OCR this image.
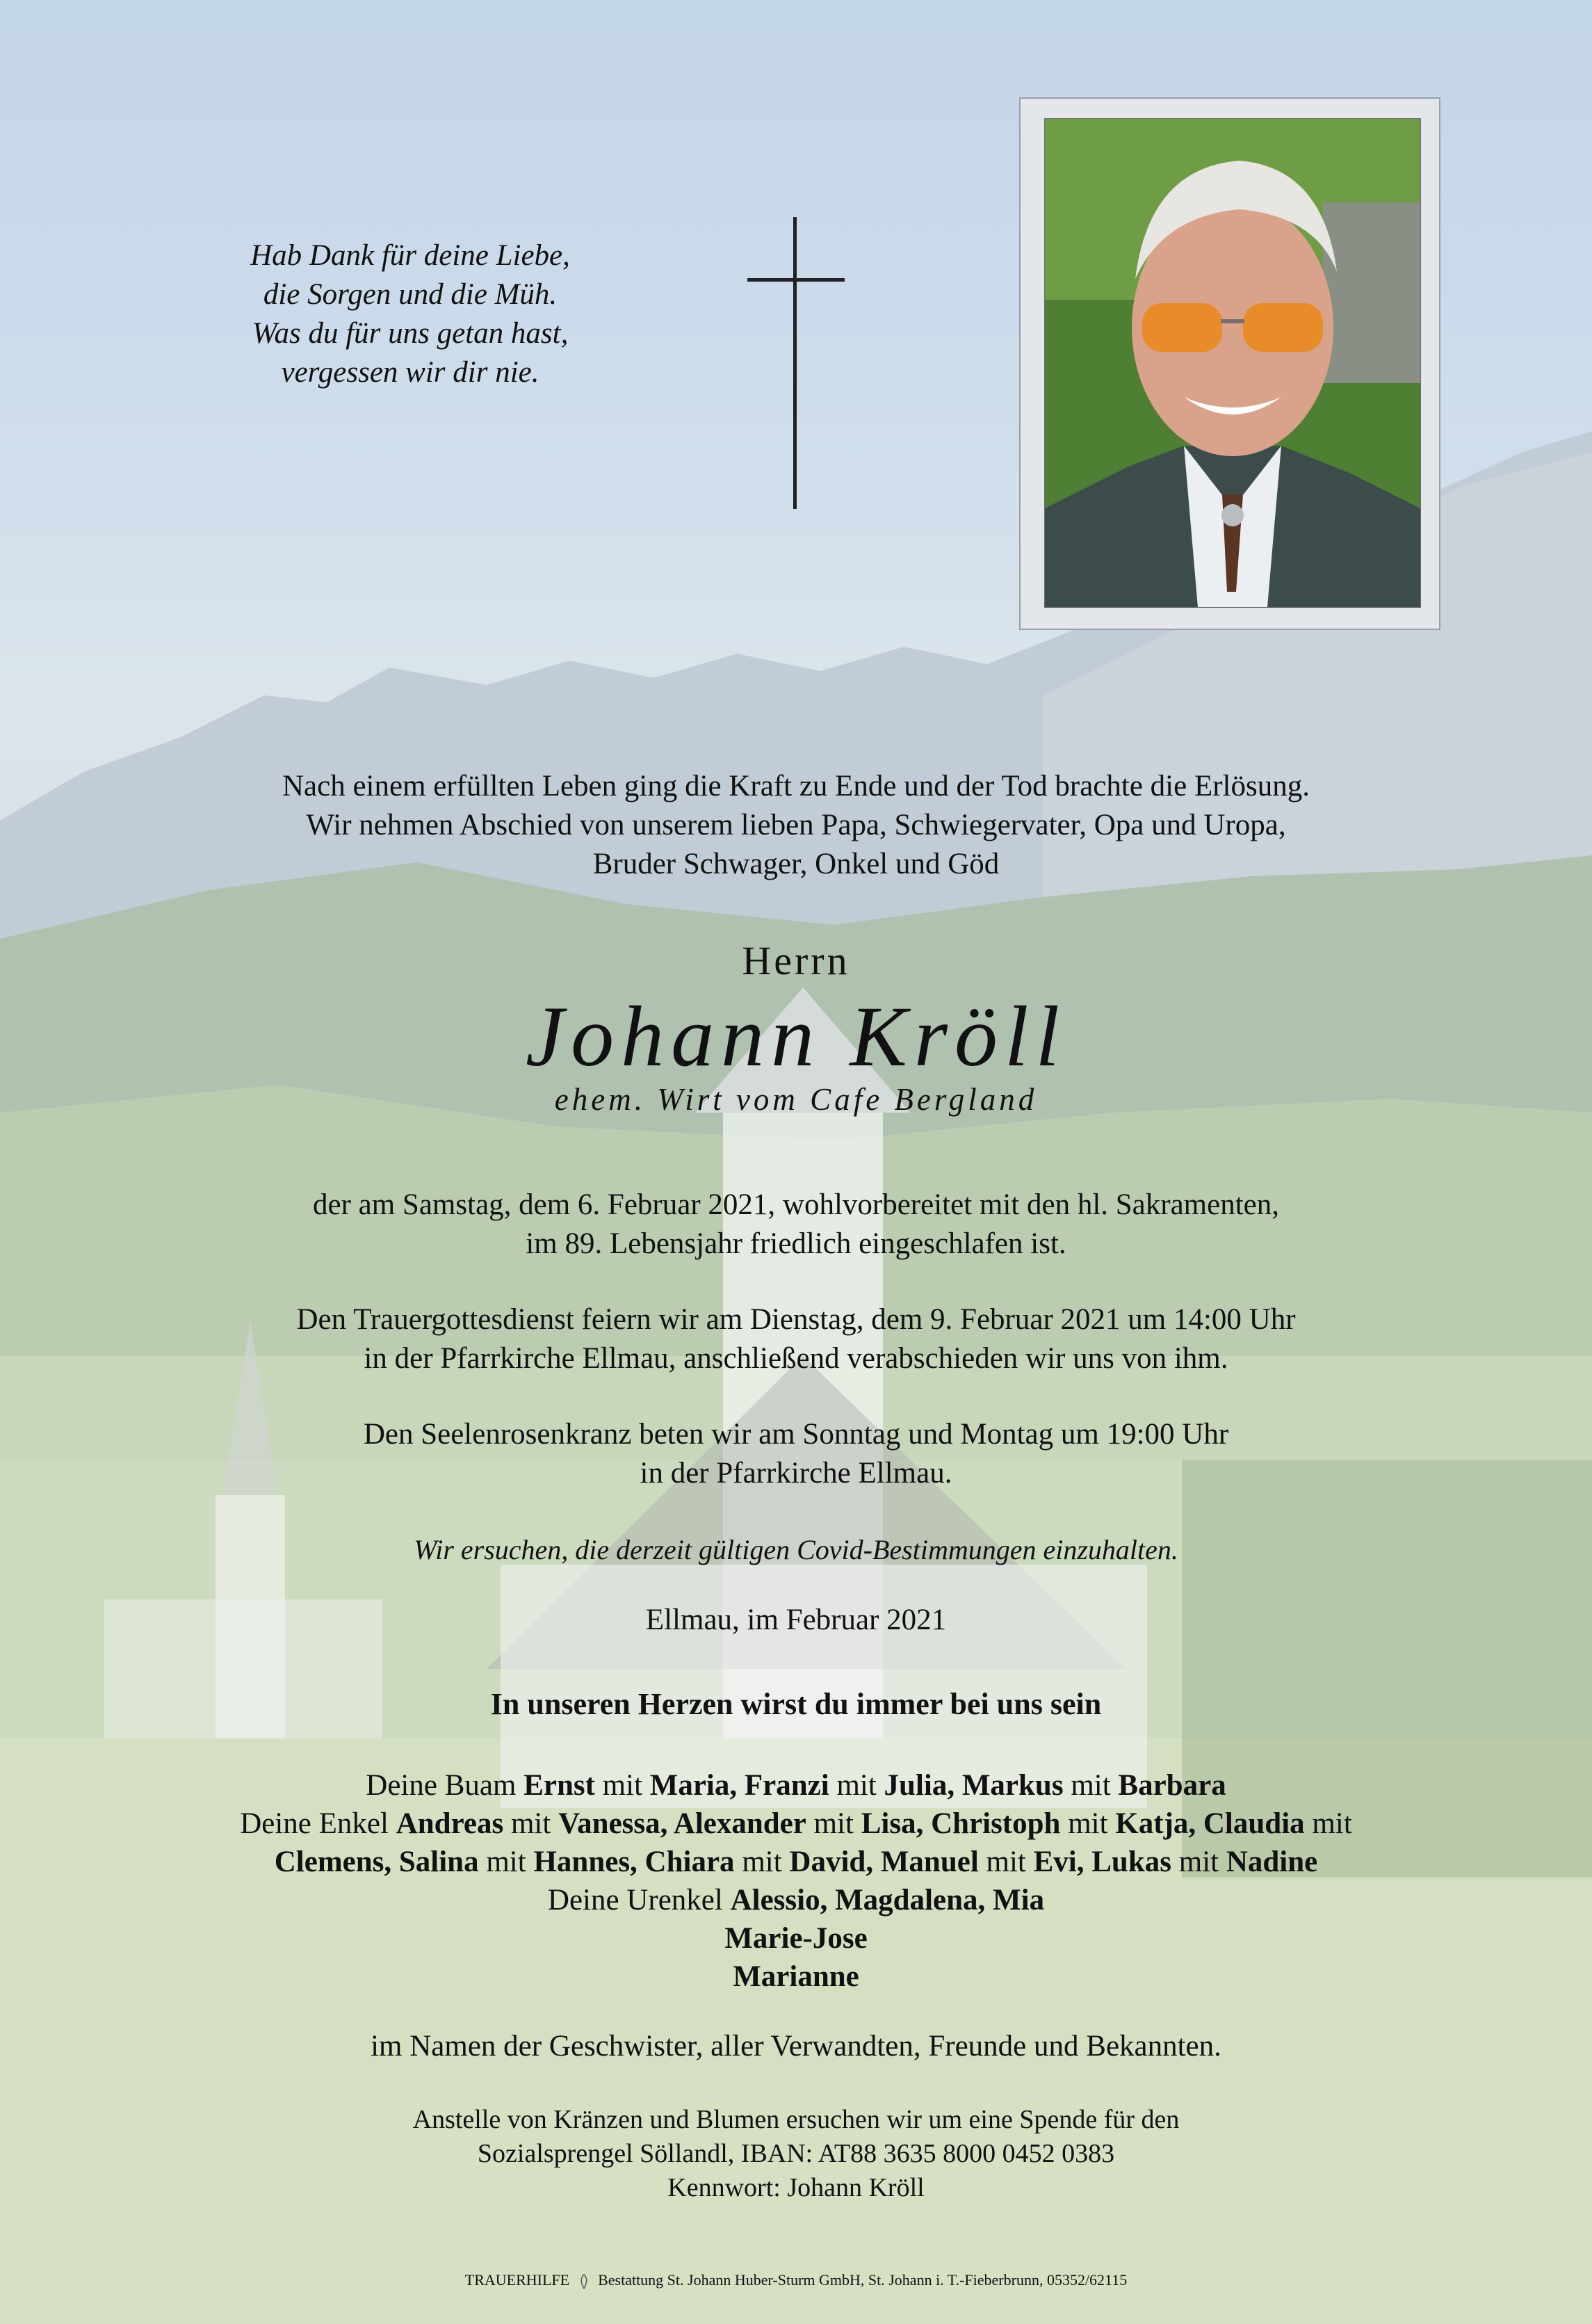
Hab Dank für deine Liebe,
die Sorgen und die Müh.
Was du für uns getan hast,
vergessen wir dir nie.
Nach einem erfüllten Leben ging die Kraft zu Ende und der Tod brachte die Erlösung.
Wir nehmen Abschied von unserem lieben Papa, Schwiegervater, Opa und Uropa,
Bruder Schwager, Onkel und Göd
Herrn
Johann Kröll
ehem. Wirt vom Cafe Bergland
der am Samstag, dem 6. Februar 2021, wohlvorbereitet mit den hl. Sakramenten,
im 89. Lebensjahr friedlich eingeschlafen ist.
Den Trauergottesdienst feiern wir am Dienstag, dem 9. Februar 2021 um 14:00 Uhr
in der Pfarrkirche Ellmau, anschließend verabschieden wir uns von ihm.
Den Seelenrosenkranz beten wir am Sonntag und Montag um 19:00 Uhr
in der Pfarrkirche Ellmau.
Wir ersuchen, die derzeit gültigen Covid-Bestimmungen einzuhalten.
Ellmau, im Februar 2021
In unseren Herzen wirst du immer bei uns sein
Deine Buam Ernst mit Maria, Franzi mit Julia, Markus mit Barbara
Deine Enkel Andreas mit Vanessa, Alexander mit Lisa, Christoph mit Katja, Claudia mit
Clemens, Salina mit Hannes, Chiara mit David, Manuel mit Evi, Lukas mit Nadine
Deine Urenkel Alessio, Magdalena, Mia
Marie-Jose
Marianne
im Namen der Geschwister, aller Verwandten, Freunde und Bekannten.
Anstelle von Kränzen und Blumen ersuchen wir um eine Spende für den
Sozialsprengel Söllandl, IBAN: AT88 3635 8000 0452 0383
Kennwort: Johann Kröll
TRAUERHILFE Bestattung St. Johann Huber-Sturm GmbH, St. Johann i. T.-Fieberbrunn, 05352/62115
